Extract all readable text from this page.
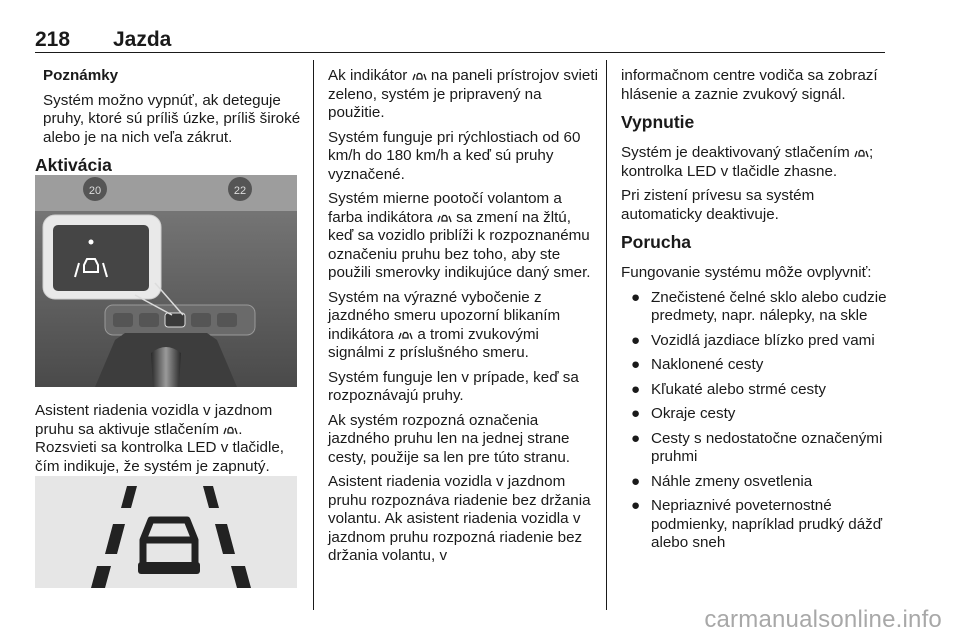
218 Jazda

Poznámky

Systém možno vypnúť, ak deteguje pruhy, ktoré sú príliš úzke, príliš široké alebo je na nich veľa zákrut.

Aktivácia
20	22

Asistent riadenia vozidla v jazdnom pruhu sa aktivuje stlačením . Rozsvieti sa kontrolka LED v tlačidle, čím indikuje, že systém je zapnutý.

Ak indikátor na paneli prístrojov svieti zeleno, systém je pripravený na použitie.

Systém funguje pri rýchlostiach od 60 km/h do 180 km/h a keď sú pruhy vyznačené.

Systém mierne pootočí volantom a farba indikátora sa zmení na žltú, keď sa vozidlo priblíži k rozpoznanému označeniu pruhu bez toho, aby ste použili smerovky indikujúce daný smer.

Systém na výrazné vybočenie z jazdného smeru upozorní blikaním indikátora a tromi zvukovými signálmi z príslušného smeru.

Systém funguje len v prípade, keď sa rozpoznávajú pruhy.

Ak systém rozpozná označenia jazdného pruhu len na jednej strane cesty, použije sa len pre túto stranu.

Asistent riadenia vozidla v jazdnom pruhu rozpoznáva riadenie bez držania volantu. Ak asistent riadenia vozidla v jazdnom pruhu rozpozná riadenie bez držania volantu, v

informačnom centre vodiča sa zobrazí hlásenie a zaznie zvukový signál.

Vypnutie

Systém je deaktivovaný stlačením ; kontrolka LED v tlačidle zhasne.

Pri zistení prívesu sa systém automaticky deaktivuje.

Porucha

Fungovanie systému môže ovplyvniť:

● Znečistené čelné sklo alebo cudzie predmety, napr. nálepky, na skle
● Vozidlá jazdiace blízko pred vami
● Naklonené cesty
● Kľukaté alebo strmé cesty
● Okraje cesty
● Cesty s nedostatočne označenými pruhmi
● Náhle zmeny osvetlenia
● Nepriaznivé poveternostné podmienky, napríklad prudký dážď alebo sneh
carmanualsonline.info
